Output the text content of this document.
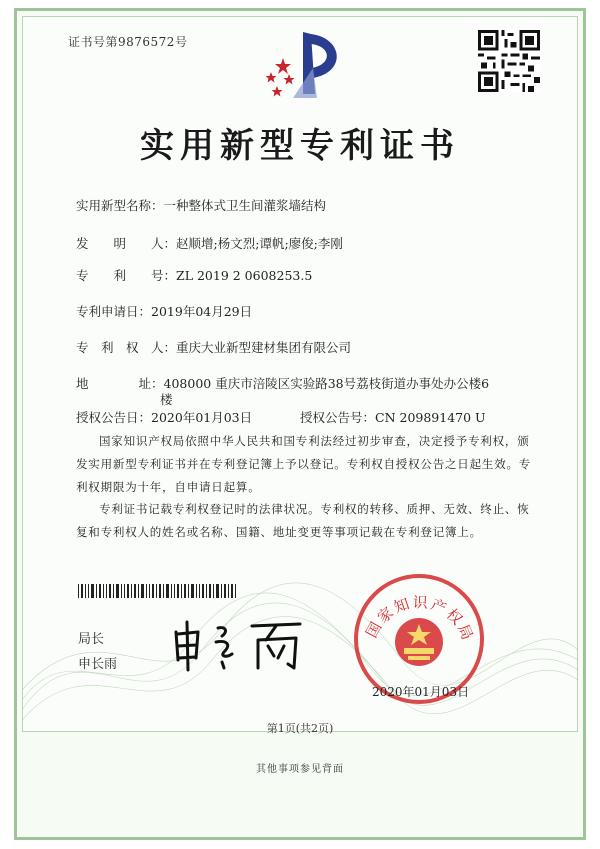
证书号第9876572号
实用新型专利证书
实用新型名称：一种整体式卫生间灌浆墙结构
发　　明　　人：赵顺增;杨文烈;谭帆;廖俊;李刚
专　　利　　号：ZL 2019 2 0608253.5
专利申请日：2019年04月29日
专　利　权　人：重庆大业新型建材集团有限公司
地　　　　址：408000 重庆市涪陵区实验路38号荔枝街道办事处办公楼6
楼
授权公告日：2020年01月03日	授权公告号：CN 209891470 U
国家知识产权局依照中华人民共和国专利法经过初步审查，决定授予专利权，颁发实用新型专利证书并在专利登记簿上予以登记。专利权自授权公告之日起生效。专利权期限为十年，自申请日起算。
专利证书记载专利权登记时的法律状况。专利权的转移、质押、无效、终止、恢复和专利权人的姓名或名称、国籍、地址变更等事项记载在专利登记簿上。
局长
申长雨
国家知识产权局
2020年01月03日
第1页(共2页)
其他事项参见背面
